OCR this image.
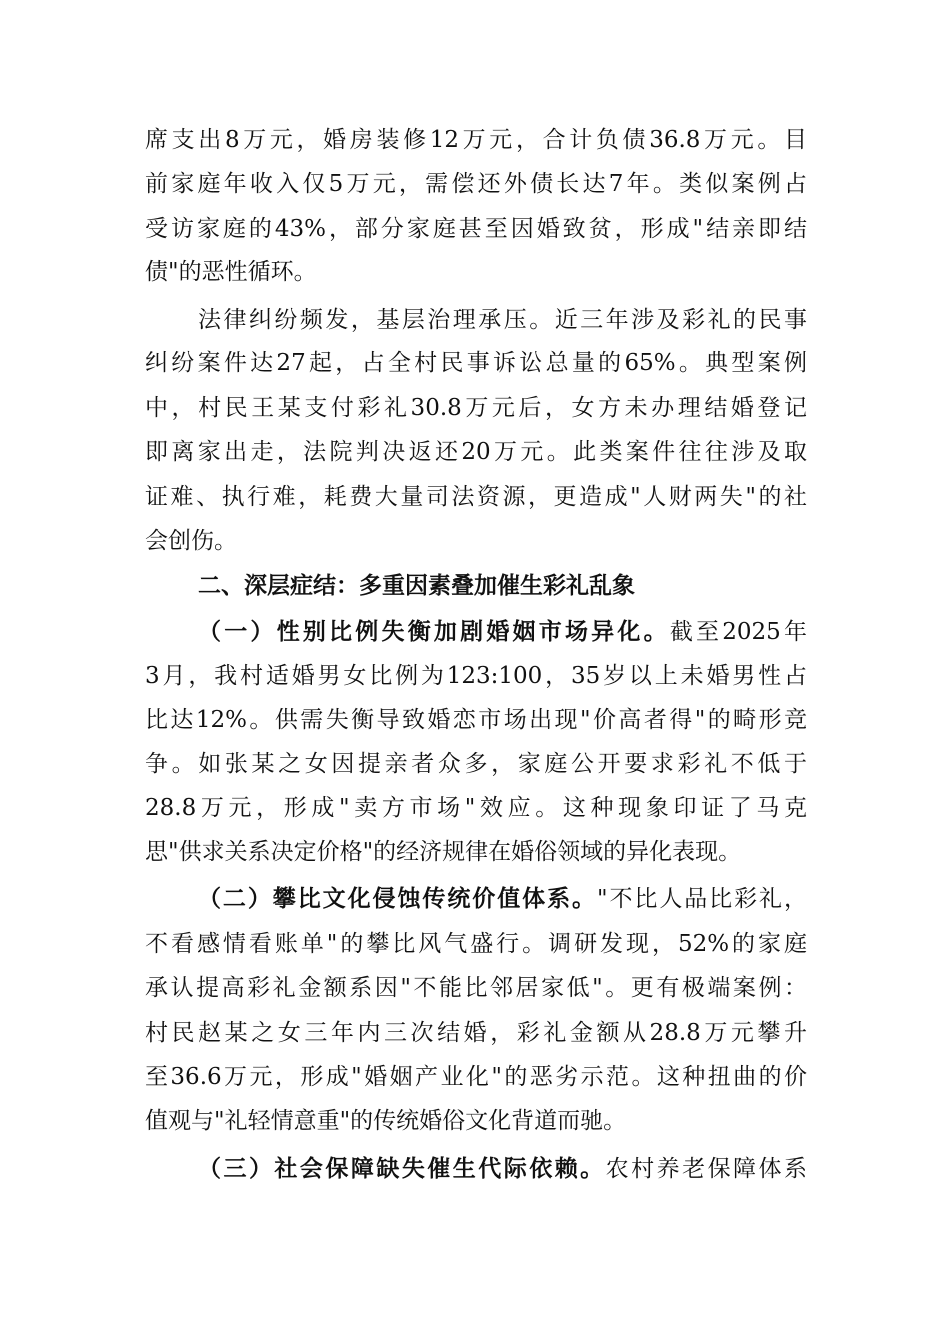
席支出8万元，婚房装修12万元，合计负债36.8万元。目
前家庭年收入仅5万元，需偿还外债长达7年。类似案例占
受访家庭的43%，部分家庭甚至因婚致贫，形成"结亲即结
债"的恶性循环。
法律纠纷频发，基层治理承压。近三年涉及彩礼的民事
纠纷案件达27起，占全村民事诉讼总量的65%。典型案例
中，村民王某支付彩礼30.8万元后，女方未办理结婚登记
即离家出走，法院判决返还20万元。此类案件往往涉及取
证难、执行难，耗费大量司法资源，更造成"人财两失"的社
会创伤。
二、深层症结：多重因素叠加催生彩礼乱象
（一）性别比例失衡加剧婚姻市场异化。截至2025年
3月，我村适婚男女比例为123:100，35岁以上未婚男性占
比达12%。供需失衡导致婚恋市场出现"价高者得"的畸形竞
争。如张某之女因提亲者众多，家庭公开要求彩礼不低于
28.8万元，形成"卖方市场"效应。这种现象印证了马克
思"供求关系决定价格"的经济规律在婚俗领域的异化表现。
（二）攀比文化侵蚀传统价值体系。"不比人品比彩礼，
不看感情看账单"的攀比风气盛行。调研发现，52%的家庭
承认提高彩礼金额系因"不能比邻居家低"。更有极端案例：
村民赵某之女三年内三次结婚，彩礼金额从28.8万元攀升
至36.6万元，形成"婚姻产业化"的恶劣示范。这种扭曲的价
值观与"礼轻情意重"的传统婚俗文化背道而驰。
（三）社会保障缺失催生代际依赖。农村养老保障体系
